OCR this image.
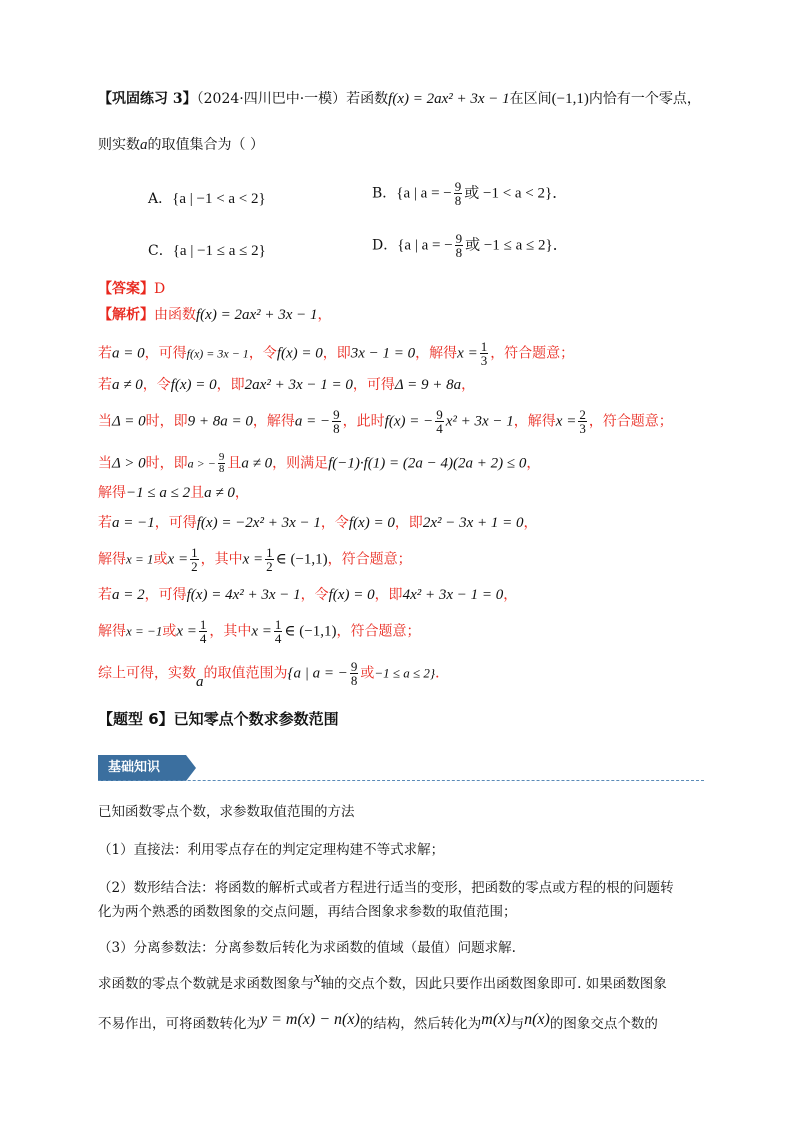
【巩固练习 3】（2024·四川巴中·一模）若函数f(x) = 2ax² + 3x − 1在区间(−1,1)内恰有一个零点，
则实数a的取值集合为（ ）
A．{a | −1 < a < 2}	B．{a | a = − $\frac{9}{8}$ 或 −1 < a < 2}．
C．{a | −1 ≤ a ≤ 2}	D．{a | a = − $\frac{9}{8}$ 或 −1 ≤ a ≤ 2}．
【答案】D
【解析】由函数f(x) = 2ax² + 3x − 1，
若a = 0，可得f(x) = 3x − 1，令f(x) = 0，即3x − 1 = 0，解得$x = \frac{1}{3}$ ，符合题意；
若a ≠ 0，令f(x) = 0，即2ax² + 3x − 1 = 0，可得Δ = 9 + 8a，
当Δ = 0时，即9 + 8a = 0，解得a = − $\frac{9}{8}$ ，此时f(x) = − $\frac{9}{4} x^2 + 3x - 1$，解得$x = \frac{2}{3}$ ，符合题意；
当Δ > 0时，即a > − $\frac{9}{8}$ 且a ≠ 0，则满足f(−1)·f(1) = (2a − 4)(2a + 2) ≤ 0，
解得−1 ≤ a ≤ 2且a ≠ 0，
若a = −1，可得f(x) = −2x² + 3x − 1，令f(x) = 0，即2x² − 3x + 1 = 0，
解得x = 1或$x = \frac{1}{2}$ ，其中$x = \frac{1}{2}$ ∈ (−1,1)，符合题意；
若a = 2，可得f(x) = 4x² + 3x − 1，令f(x) = 0，即4x² + 3x − 1 = 0，
解得x = −1或$x = \frac{1}{4}$ ，其中$x = \frac{1}{4}$ ∈ (−1,1)，符合题意；
综上可得，实数a的取值范围为{a | a = − $\frac{9}{8}$ 或−1 ≤ a ≤ 2}．
【题型 6】已知零点个数求参数范围
基础知识
已知函数零点个数，求参数取值范围的方法
（1）直接法：利用零点存在的判定定理构建不等式求解；
（2）数形结合法：将函数的解析式或者方程进行适当的变形，把函数的零点或方程的根的问题转
化为两个熟悉的函数图象的交点问题，再结合图象求参数的取值范围；
（3）分离参数法：分离参数后转化为求函数的值域（最值）问题求解.
求函数的零点个数就是求函数图象与x轴的交点个数，因此只要作出函数图象即可. 如果函数图象
不易作出，可将函数转化为y = m(x) − n(x)的结构，然后转化为m(x)与n(x)的图象交点个数的
